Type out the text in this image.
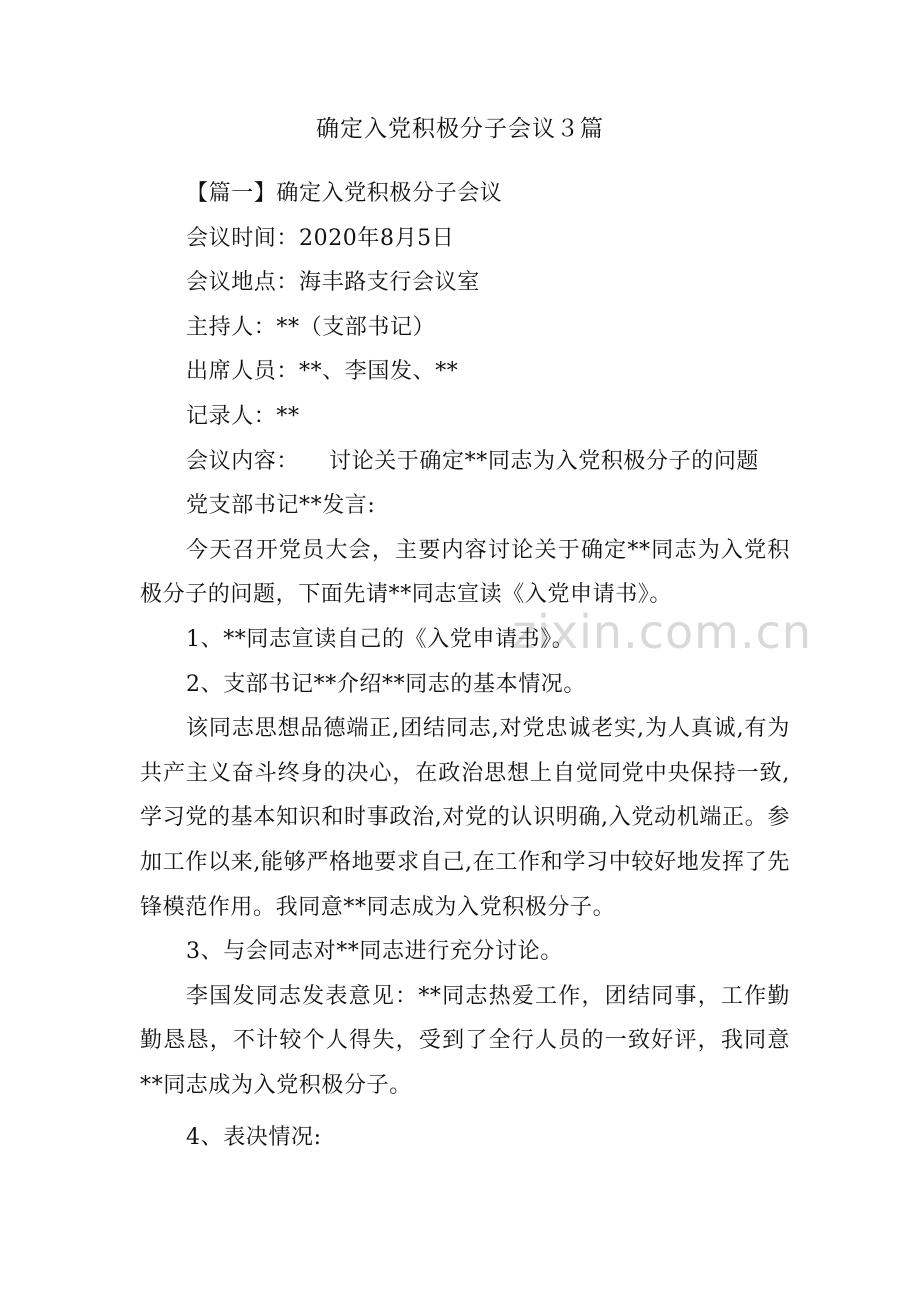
确定入党积极分子会议３篇
zixin.com.cn

【篇一】确定入党积极分子会议

会议时间：2020年8月5日

会议地点：海丰路支行会议室

主持人：**（支部书记）

出席人员：**、李国发、**

记录人：**

会议内容： 讨论关于确定**同志为入党积极分子的问题

党支部书记**发言:

今天召开党员大会，主要内容讨论关于确定**同志为入党积极分子的问题，下面先请**同志宣读《入党申请书》。

1、**同志宣读自己的《入党申请书》。

2、支部书记**介绍**同志的基本情况。

该同志思想品德端正,团结同志,对党忠诚老实,为人真诚,有为共产主义奋斗终身的决心，在政治思想上自觉同党中央保持一致,学习党的基本知识和时事政治,对党的认识明确,入党动机端正。参加工作以来,能够严格地要求自己,在工作和学习中较好地发挥了先锋模范作用。我同意**同志成为入党积极分子。

3、与会同志对**同志进行充分讨论。

李国发同志发表意见：**同志热爱工作，团结同事，工作勤勤恳恳，不计较个人得失，受到了全行人员的一致好评，我同意**同志成为入党积极分子。

4、表决情况:
